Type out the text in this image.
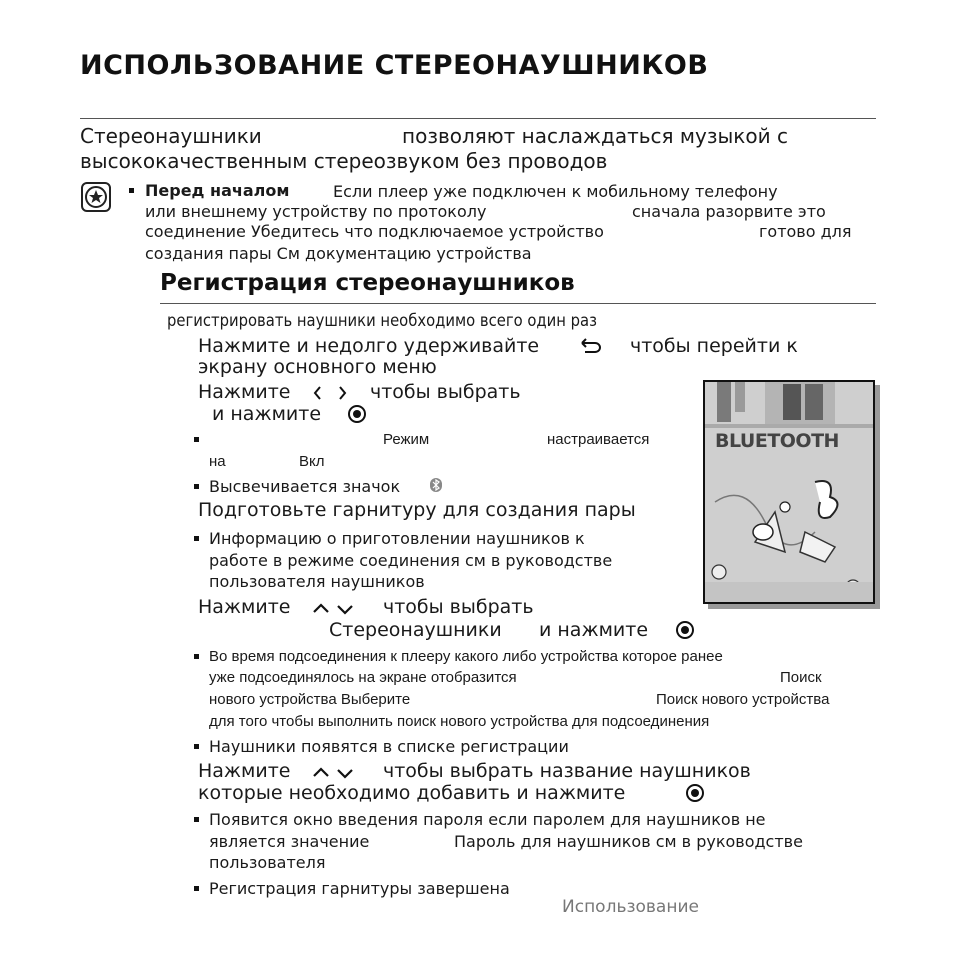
ИСПОЛЬЗОВАНИЕ СТЕРЕОНАУШНИКОВ
Стереонаушники	позволяют наслаждаться музыкой с
высококачественным стереозвуком без проводов
Перед началом	Если плеер уже подключен к мобильному телефону
или внешнему устройству по протоколу	сначала разорвите это
соединение Убедитесь что подключаемое устройство	готово для
создания пары См документацию устройства
Регистрация стереонаушников
регистрировать наушники необходимо всего один раз
Нажмите и недолго удерживайте	чтобы перейти к
экрану основного меню
Нажмите	чтобы выбрать
и нажмите
Режим	настраивается
на	Вкл
Высвечивается значок
Подготовьте гарнитуру для создания пары
Информацию о приготовлении наушников к
работе в режиме соединения см в руководстве
пользователя наушников
Нажмите	чтобы выбрать
Стереонаушники и нажмите
Во время подсоединения к плееру какого либо устройства которое ранее
уже подсоединялось на экране отобразится	Поиск
нового устройства Выберите	Поиск нового устройства
для того чтобы выполнить поиск нового устройства для подсоединения
Наушники появятся в списке регистрации
Нажмите	чтобы выбрать название наушников
которые необходимо добавить и нажмите
Появится окно введения пароля если паролем для наушников не
является значение	Пароль для наушников см в руководстве
пользователя
Регистрация гарнитуры завершена
BLUETOOTH
Использование
